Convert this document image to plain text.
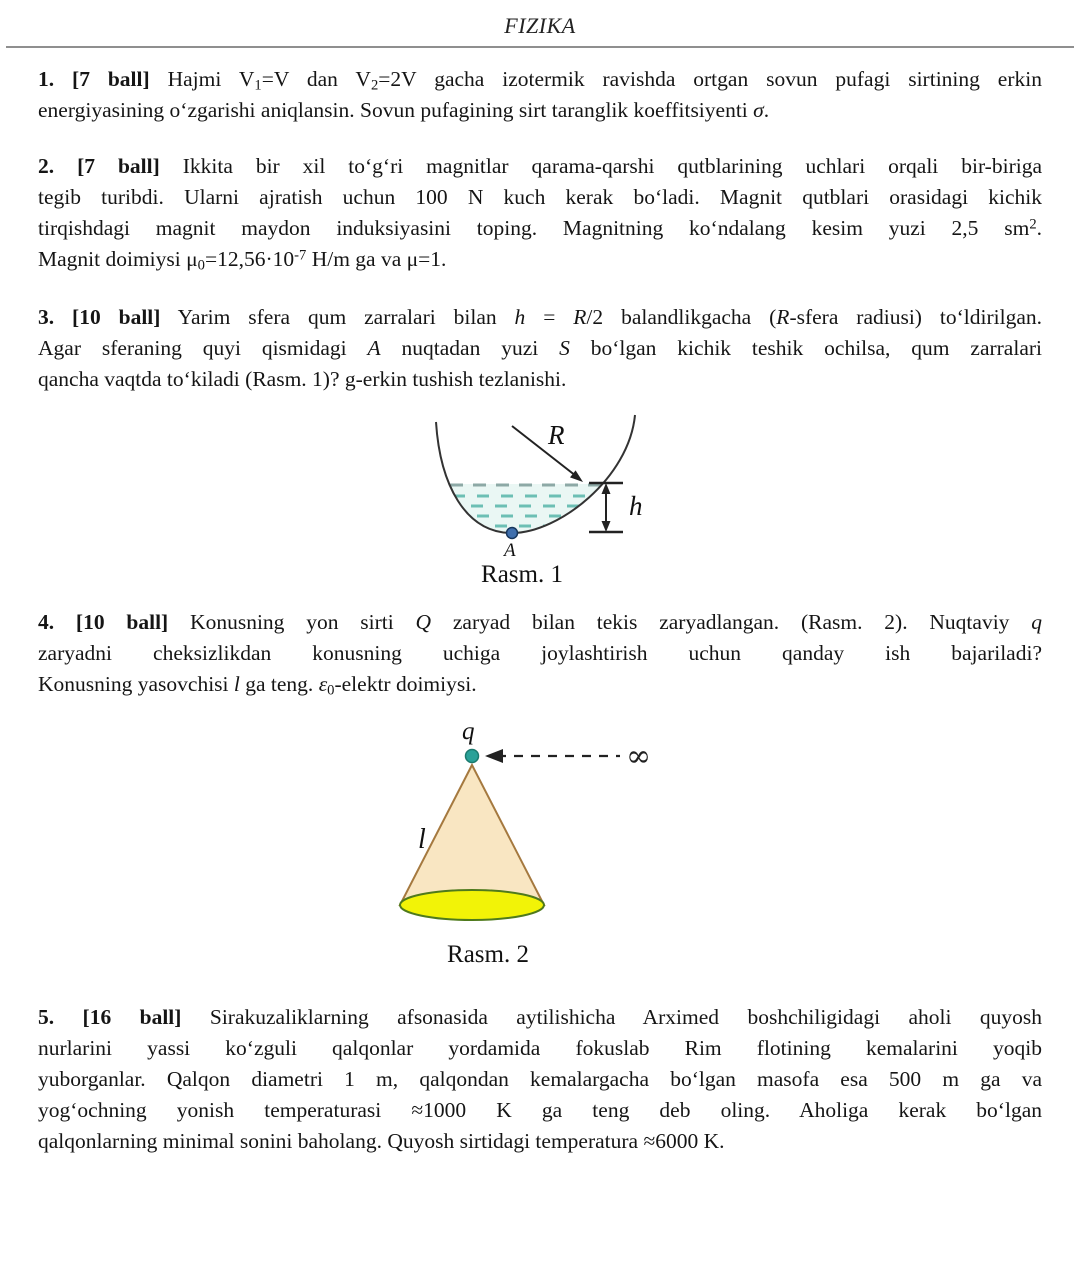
FIZIKA

1. [7 ball] Hajmi $V_1=V$ dan $V_2=2V$ gacha izotermik ravishda ortgan sovun pufagi sirtining erkin
energiyasining oʻzgarishi aniqlansin. Sovun pufagining sirt taranglik koeffitsiyenti σ.

2. [7 ball] Ikkita bir xil toʻgʻri magnitlar qarama-qarshi qutblarining uchlari orqali bir-biriga
tegib turibdi. Ularni ajratish uchun 100 N kuch kerak boʻladi. Magnit qutblari orasidagi kichik
tirqishdagi magnit maydon induksiyasini toping. Magnitning koʻndalang kesim yuzi 2,5 $sm^2$.
Magnit doimiysi $\mu_0=12,56\cdot 10^{-7}$ H/m ga va μ=1.

3. [10 ball] Yarim sfera qum zarralari bilan h = R/2 balandlikgacha (R-sfera radiusi) toʻldirilgan.
Agar sferaning quyi qismidagi A nuqtadan yuzi S boʻlgan kichik teshik ochilsa, qum zarralari
qancha vaqtda toʻkiladi (Rasm. 1)? g-erkin tushish tezlanishi.

R
h
A
Rasm. 1

4. [10 ball] Konusning yon sirti Q zaryad bilan tekis zaryadlangan. (Rasm. 2). Nuqtaviy q
zaryadni cheksizlikdan konusning uchiga joylashtirish uchun qanday ish bajariladi?
Konusning yasovchisi l ga teng. $\varepsilon_0$-elektr doimiysi.

∞
q
l
Rasm. 2

5. [16 ball] Sirakuzaliklarning afsonasida aytilishicha Arximed boshchiligidagi aholi quyosh
nurlarini yassi koʻzguli qalqonlar yordamida fokuslab Rim flotining kemalarini yoqib
yuborganlar. Qalqon diametri 1 m, qalqondan kemalargacha boʻlgan masofa esa 500 m ga va
yogʻochning yonish temperaturasi ≈1000 K ga teng deb oling. Aholiga kerak boʻlgan
qalqonlarning minimal sonini baholang. Quyosh sirtidagi temperatura ≈6000 K.
